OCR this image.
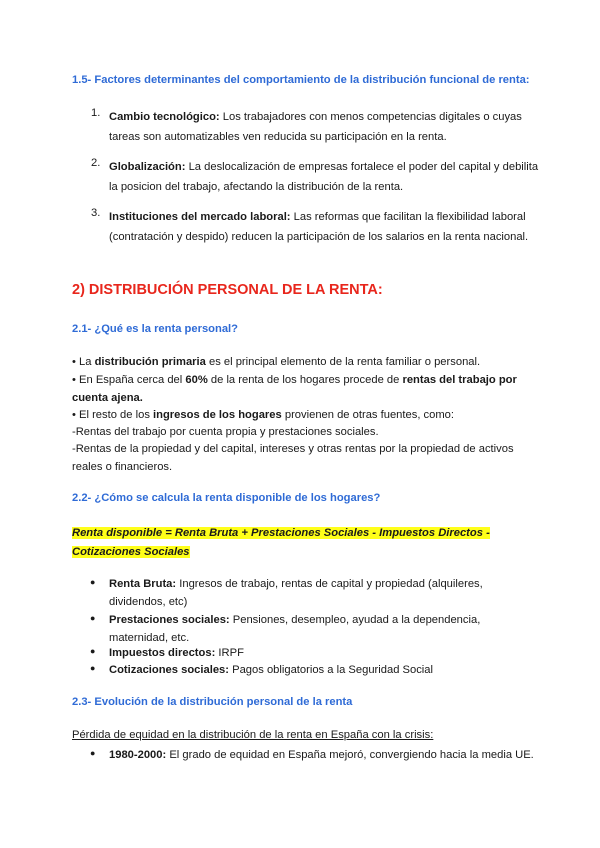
1.5- Factores determinantes del comportamiento de la distribución funcional de renta:
1. Cambio tecnológico: Los trabajadores con menos competencias digitales o cuyas tareas son automatizables ven reducida su participación en la renta.
2. Globalización: La deslocalización de empresas fortalece el poder del capital y debilita la posicion del trabajo, afectando la distribución de la renta.
3. Instituciones del mercado laboral: Las reformas que facilitan la flexibilidad laboral (contratación y despido) reducen la participación de los salarios en la renta nacional.
2) DISTRIBUCIÓN PERSONAL DE LA RENTA:
2.1- ¿Qué es la renta personal?
• La distribución primaria es el principal elemento de la renta familiar o personal.
• En España cerca del 60% de la renta de los hogares procede de rentas del trabajo por cuenta ajena.
• El resto de los ingresos de los hogares provienen de otras fuentes, como:
-Rentas del trabajo por cuenta propia y prestaciones sociales.
-Rentas de la propiedad y del capital, intereses y otras rentas por la propiedad de activos reales o financieros.
2.2- ¿Cómo se calcula la renta disponible de los hogares?
Renta disponible = Renta Bruta + Prestaciones Sociales - Impuestos Directos - Cotizaciones Sociales
● Renta Bruta: Ingresos de trabajo, rentas de capital y propiedad (alquileres, dividendos, etc)
● Prestaciones sociales: Pensiones, desempleo, ayudad a la dependencia, maternidad, etc.
● Impuestos directos: IRPF
● Cotizaciones sociales: Pagos obligatorios a la Seguridad Social
2.3- Evolución de la distribución personal de la renta
Pérdida de equidad en la distribución de la renta en España con la crisis:
● 1980-2000: El grado de equidad en España mejoró, convergiendo hacia la media UE.
